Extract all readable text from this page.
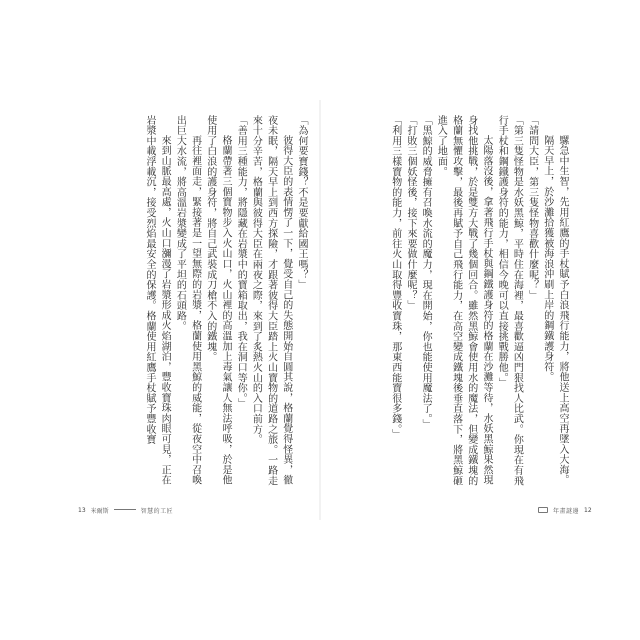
「為何要寶錢？不是要獻給國王嗎？」

彼得大臣的表情愣了一下，覺受自己的失態開始自圓其說，格蘭覺得怪異，徹夜未眠，隔天早上到西方探險，才跟著彼得大臣踏上火山寶物的道路之旅。一路走來十分辛苦，格蘭與彼得大臣在兩夜之際，來到了炙熱火山的入口前方。

「善用三種能力，將隱藏在岩漿中的寶箱取出，我在洞口等你。」

格蘭帶著三個寶物步入火山口，火山裡的高溫加上毒氣讓人無法呼吸，於是他使用了白浪的護身符，將自己武裝成刀槍不入的鐵塊。

再往裡面走，緊接著是一望無際的岩漿，格蘭使用黑鯨的威能，從夜空中召喚出巨大水流，將高溫岩漿變成了平坦的石頭路。

來到山脈最高處，火山口瀰漫了岩漿形成火焰湖泊，豐收寶珠肉眼可見，正在岩漿中載浮載沉，接受烈焰最安全的保護。格蘭使用紅鷹手杖賦予豐收寶	騾急中生智，先用紅鷹的手杖賦予白浪飛行能力，將他送上高空再墜入大海。

隔天早上，於沙灘拾獲被海浪沖刷上岸的鋼鐵護身符。

「請問大臣，第三隻怪物喜歡什麼呢？」

「第三隻怪物是水妖黑鯨，平時住在海裡，最喜歡逼凶門狠找人比武。你現在有飛行手杖和鋼鐵護身符的能力，相信今晚可以直接挑戰勝他。」

太陽落沒後，拿著飛行手杖與鋼鐵護身符的格蘭在沙灘等待，水妖黑鯨果然現身找他挑戰，於是雙方大戰了幾個回合。雖然黑鯨會使用水的魔法，但變成鐵塊的格蘭無懼攻擊，最後再賦予自己飛行能力，在高空變成鐵塊後垂直落下，將黑鯨砸進入了地面。

「黑鯨的威脅擁有召喚水流的魔力，現在開始，你也能使用魔法了。」

「打敗三個妖怪後，接下來要做什麼呢？」

「利用三樣寶物的能力，前往火山取得豐收寶珠，那東西能寶很多錢。」

13 米爾斯	智慧的工匠	年畫謎邊 12
